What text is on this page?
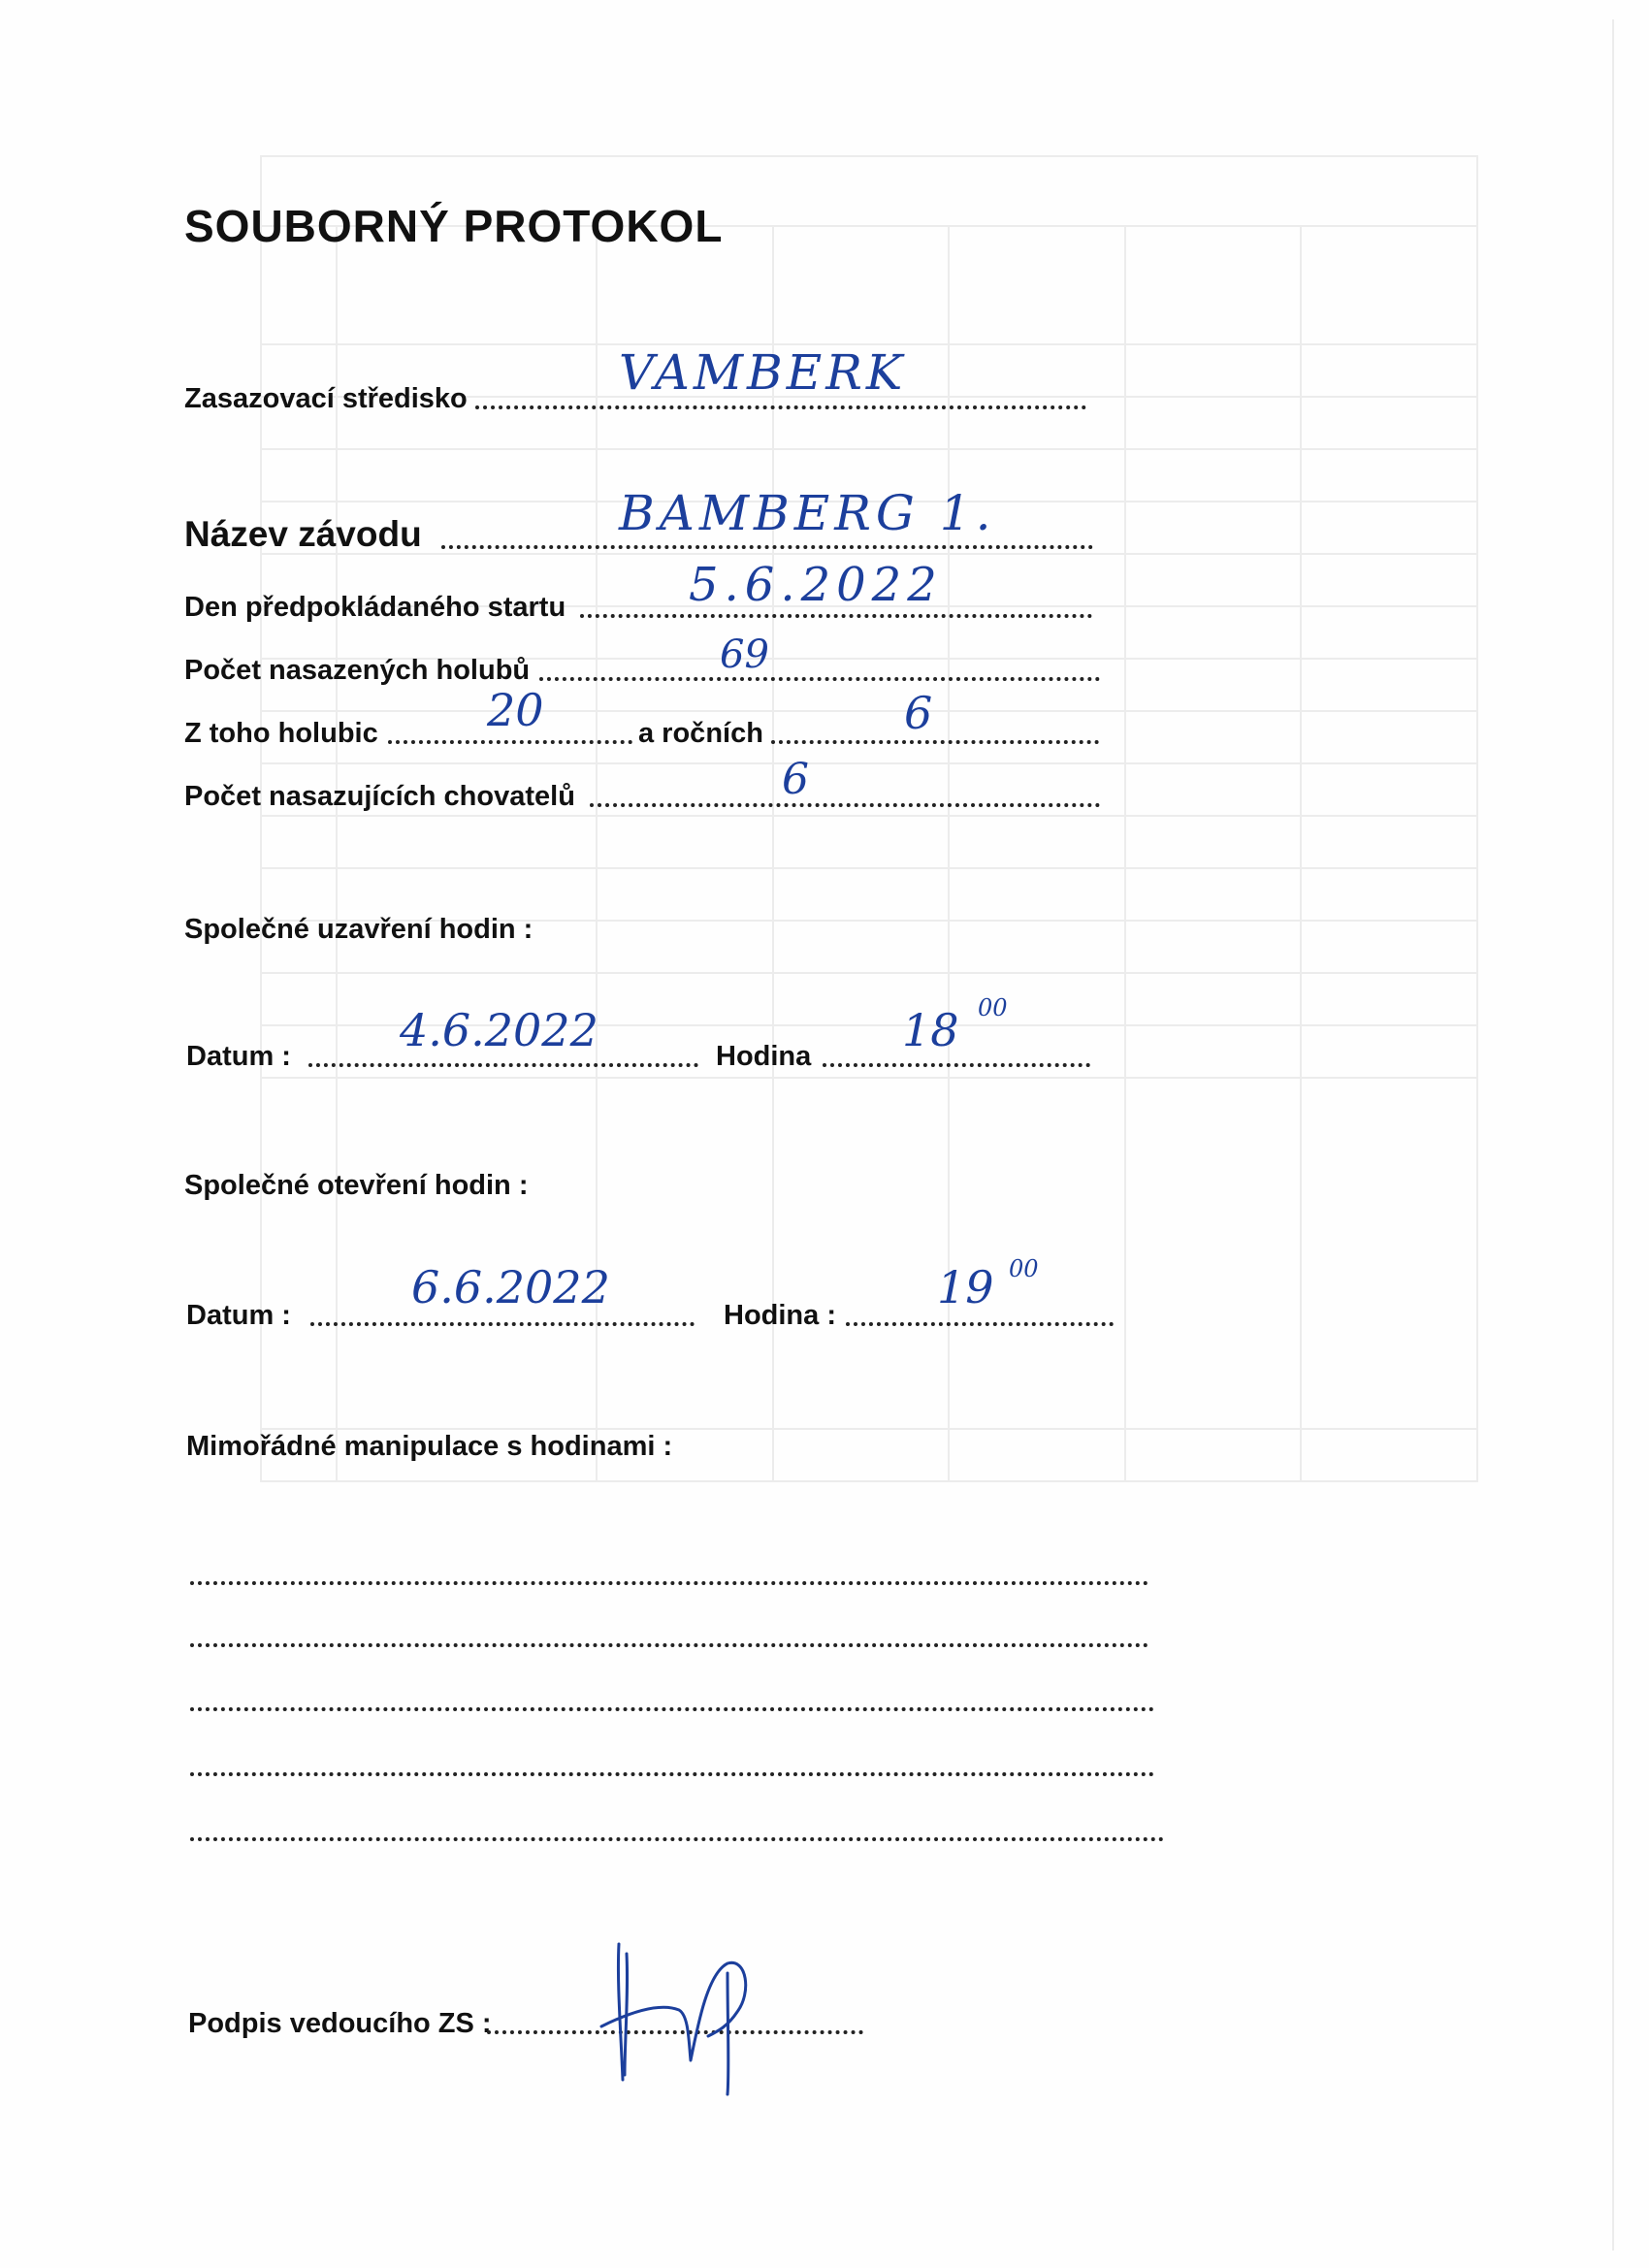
SOUBORNÝ PROTOKOL
Zasazovací středisko	VAMBERK
Název závodu	BAMBERG 1.
Den předpokládaného startu	5.6.2022
Počet nasazených holubů	69
Z toho holubic 20	a ročních	6
Počet nasazujících chovatelů	6
Společné uzavření hodin :
Datum : 4.6.2022	Hodina 18 00
Společné otevření hodin :
Datum :
6.6.2022
Hodina :
19 00
Mimořádné manipulace s hodinami :
Podpis vedoucího ZS :
